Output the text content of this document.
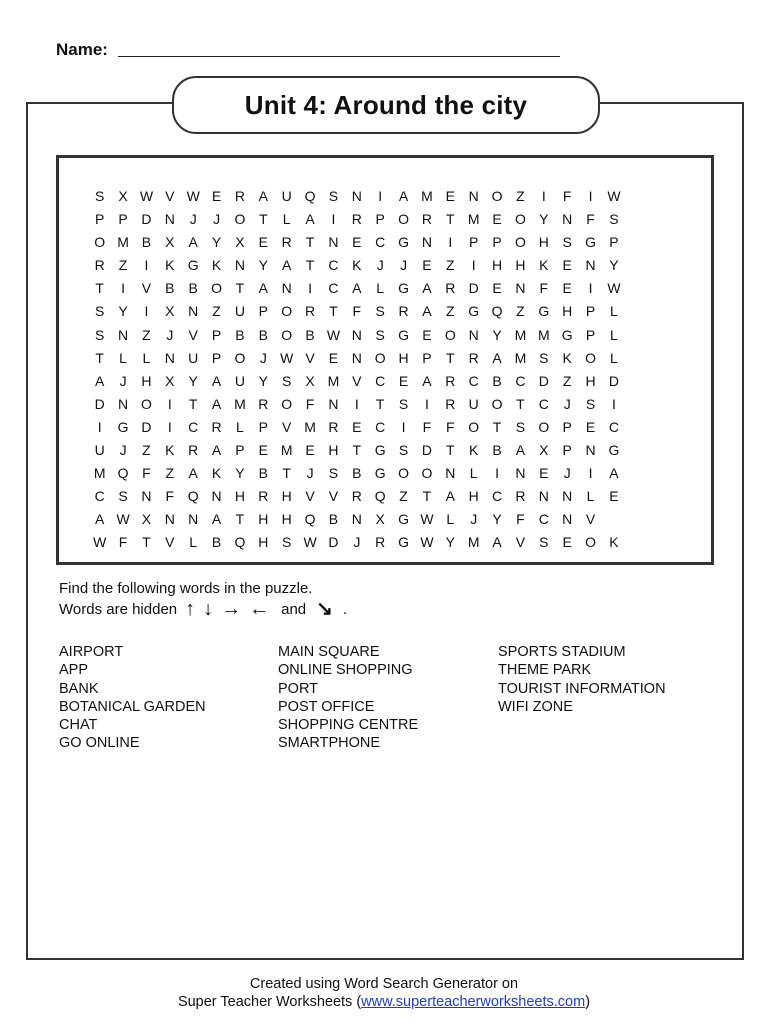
Name:
Unit 4: Around the city
S	X W V W E R A U Q S N	I	A M E N O Z	I	F	I	W
P	P D N	J	J	O T	L	A	I	R P O R	T M E O Y N	F	S
O M B	X	A	Y	X	E R	T	N E C G N	I	P	P O H S G P
R	Z	I	K G K N Y	A	T	C K	J	J	E	Z	I	H H K	E N Y
T	I	V	B	B O T	A N	I	C A	L	G A R D E N	F	E	I	W
S	Y	I	X N	Z	U P O R	T	F	S R A	Z G Q Z G H P	L
S N	Z	J	V	P	B	B O B W N S G E O N Y M M G P	L
T	L	L	N U P O	J W V	E N O H P	T	R A M S	K O	L
A	J	H X	Y	A U Y	S	X M V C E	A R C B C D	Z	H D
D N O	I	T	A M R O F	N	I	T	S	I	R U O T	C	J	S	I
I	G D	I	C R	L	P	V M R E C	I	F	F O T	S O P	E C
U	J	Z	K R A	P	E M E H	T G S D	T	K	B	A	X	P N G
M Q F	Z	A	K	Y	B	T	J	S	B G O O N	L	I	N E	J	I	A
C S N	F Q N H R H V	V R Q Z	T	A H C R N N	L	E
A W X N N A	T	H H Q B N X G W L	J	Y	F	C N V
W F	T	V	L	B Q H S W D	J	R G W Y M A	V	S	E O K
Find the following words in the puzzle.
Words are hidden ↑ ↓ → ← and ↘ .
AIRPORT
APP
BANK
BOTANICAL GARDEN
CHAT
GO ONLINE
MAIN SQUARE
ONLINE SHOPPING
PORT
POST OFFICE
SHOPPING CENTRE
SMARTPHONE
SPORTS STADIUM
THEME PARK
TOURIST INFORMATION
WIFI ZONE
Created using Word Search Generator on
Super Teacher Worksheets (www.superteacherworksheets.com)
